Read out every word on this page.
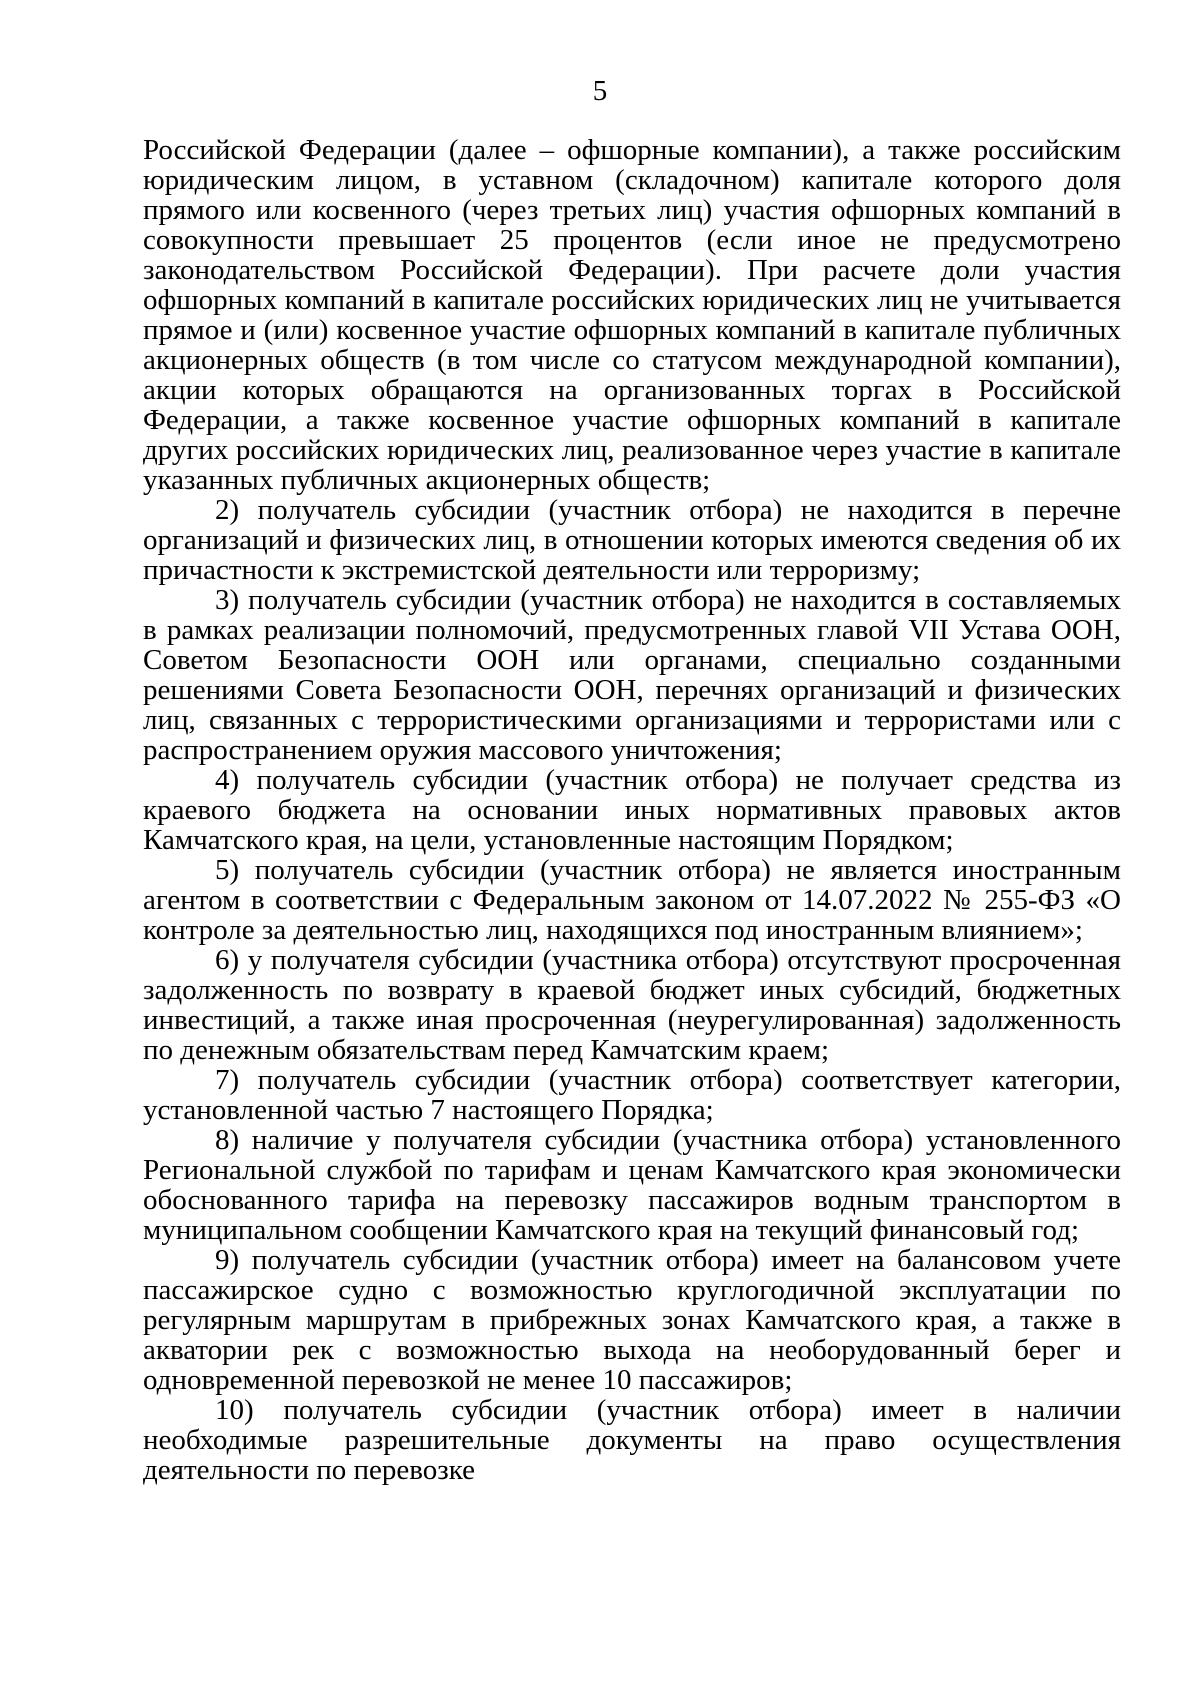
5

Российской Федерации (далее – офшорные компании), а также российским юридическим лицом, в уставном (складочном) капитале которого доля прямого или косвенного (через третьих лиц) участия офшорных компаний в совокупности превышает 25 процентов (если иное не предусмотрено законодательством Российской Федерации). При расчете доли участия офшорных компаний в капитале российских юридических лиц не учитывается прямое и (или) косвенное участие офшорных компаний в капитале публичных акционерных обществ (в том числе со статусом международной компании), акции которых обращаются на организованных торгах в Российской Федерации, а также косвенное участие офшорных компаний в капитале других российских юридических лиц, реализованное через участие в капитале указанных публичных акционерных обществ;

2) получатель субсидии (участник отбора) не находится в перечне организаций и физических лиц, в отношении которых имеются сведения об их причастности к экстремистской деятельности или терроризму;

3) получатель субсидии (участник отбора) не находится в составляемых в рамках реализации полномочий, предусмотренных главой VII Устава ООН, Советом Безопасности ООН или органами, специально созданными решениями Совета Безопасности ООН, перечнях организаций и физических лиц, связанных с террористическими организациями и террористами или с распространением оружия массового уничтожения;

4) получатель субсидии (участник отбора) не получает средства из краевого бюджета на основании иных нормативных правовых актов Камчатского края, на цели, установленные настоящим Порядком;

5) получатель субсидии (участник отбора) не является иностранным агентом в соответствии с Федеральным законом от 14.07.2022 № 255-ФЗ «О контроле за деятельностью лиц, находящихся под иностранным влиянием»;

6) у получателя субсидии (участника отбора) отсутствуют просроченная задолженность по возврату в краевой бюджет иных субсидий, бюджетных инвестиций, а также иная просроченная (неурегулированная) задолженность по денежным обязательствам перед Камчатским краем;

7) получатель субсидии (участник отбора) соответствует категории, установленной частью 7 настоящего Порядка;

8) наличие у получателя субсидии (участника отбора) установленного Региональной службой по тарифам и ценам Камчатского края экономически обоснованного тарифа на перевозку пассажиров водным транспортом в муниципальном сообщении Камчатского края на текущий финансовый год;

9) получатель субсидии (участник отбора) имеет на балансовом учете пассажирское судно с возможностью круглогодичной эксплуатации по регулярным маршрутам в прибрежных зонах Камчатского края, а также в акватории рек с возможностью выхода на необорудованный берег и одновременной перевозкой не менее 10 пассажиров;

10) получатель субсидии (участник отбора) имеет в наличии необходимые разрешительные документы на право осуществления деятельности по перевозке
